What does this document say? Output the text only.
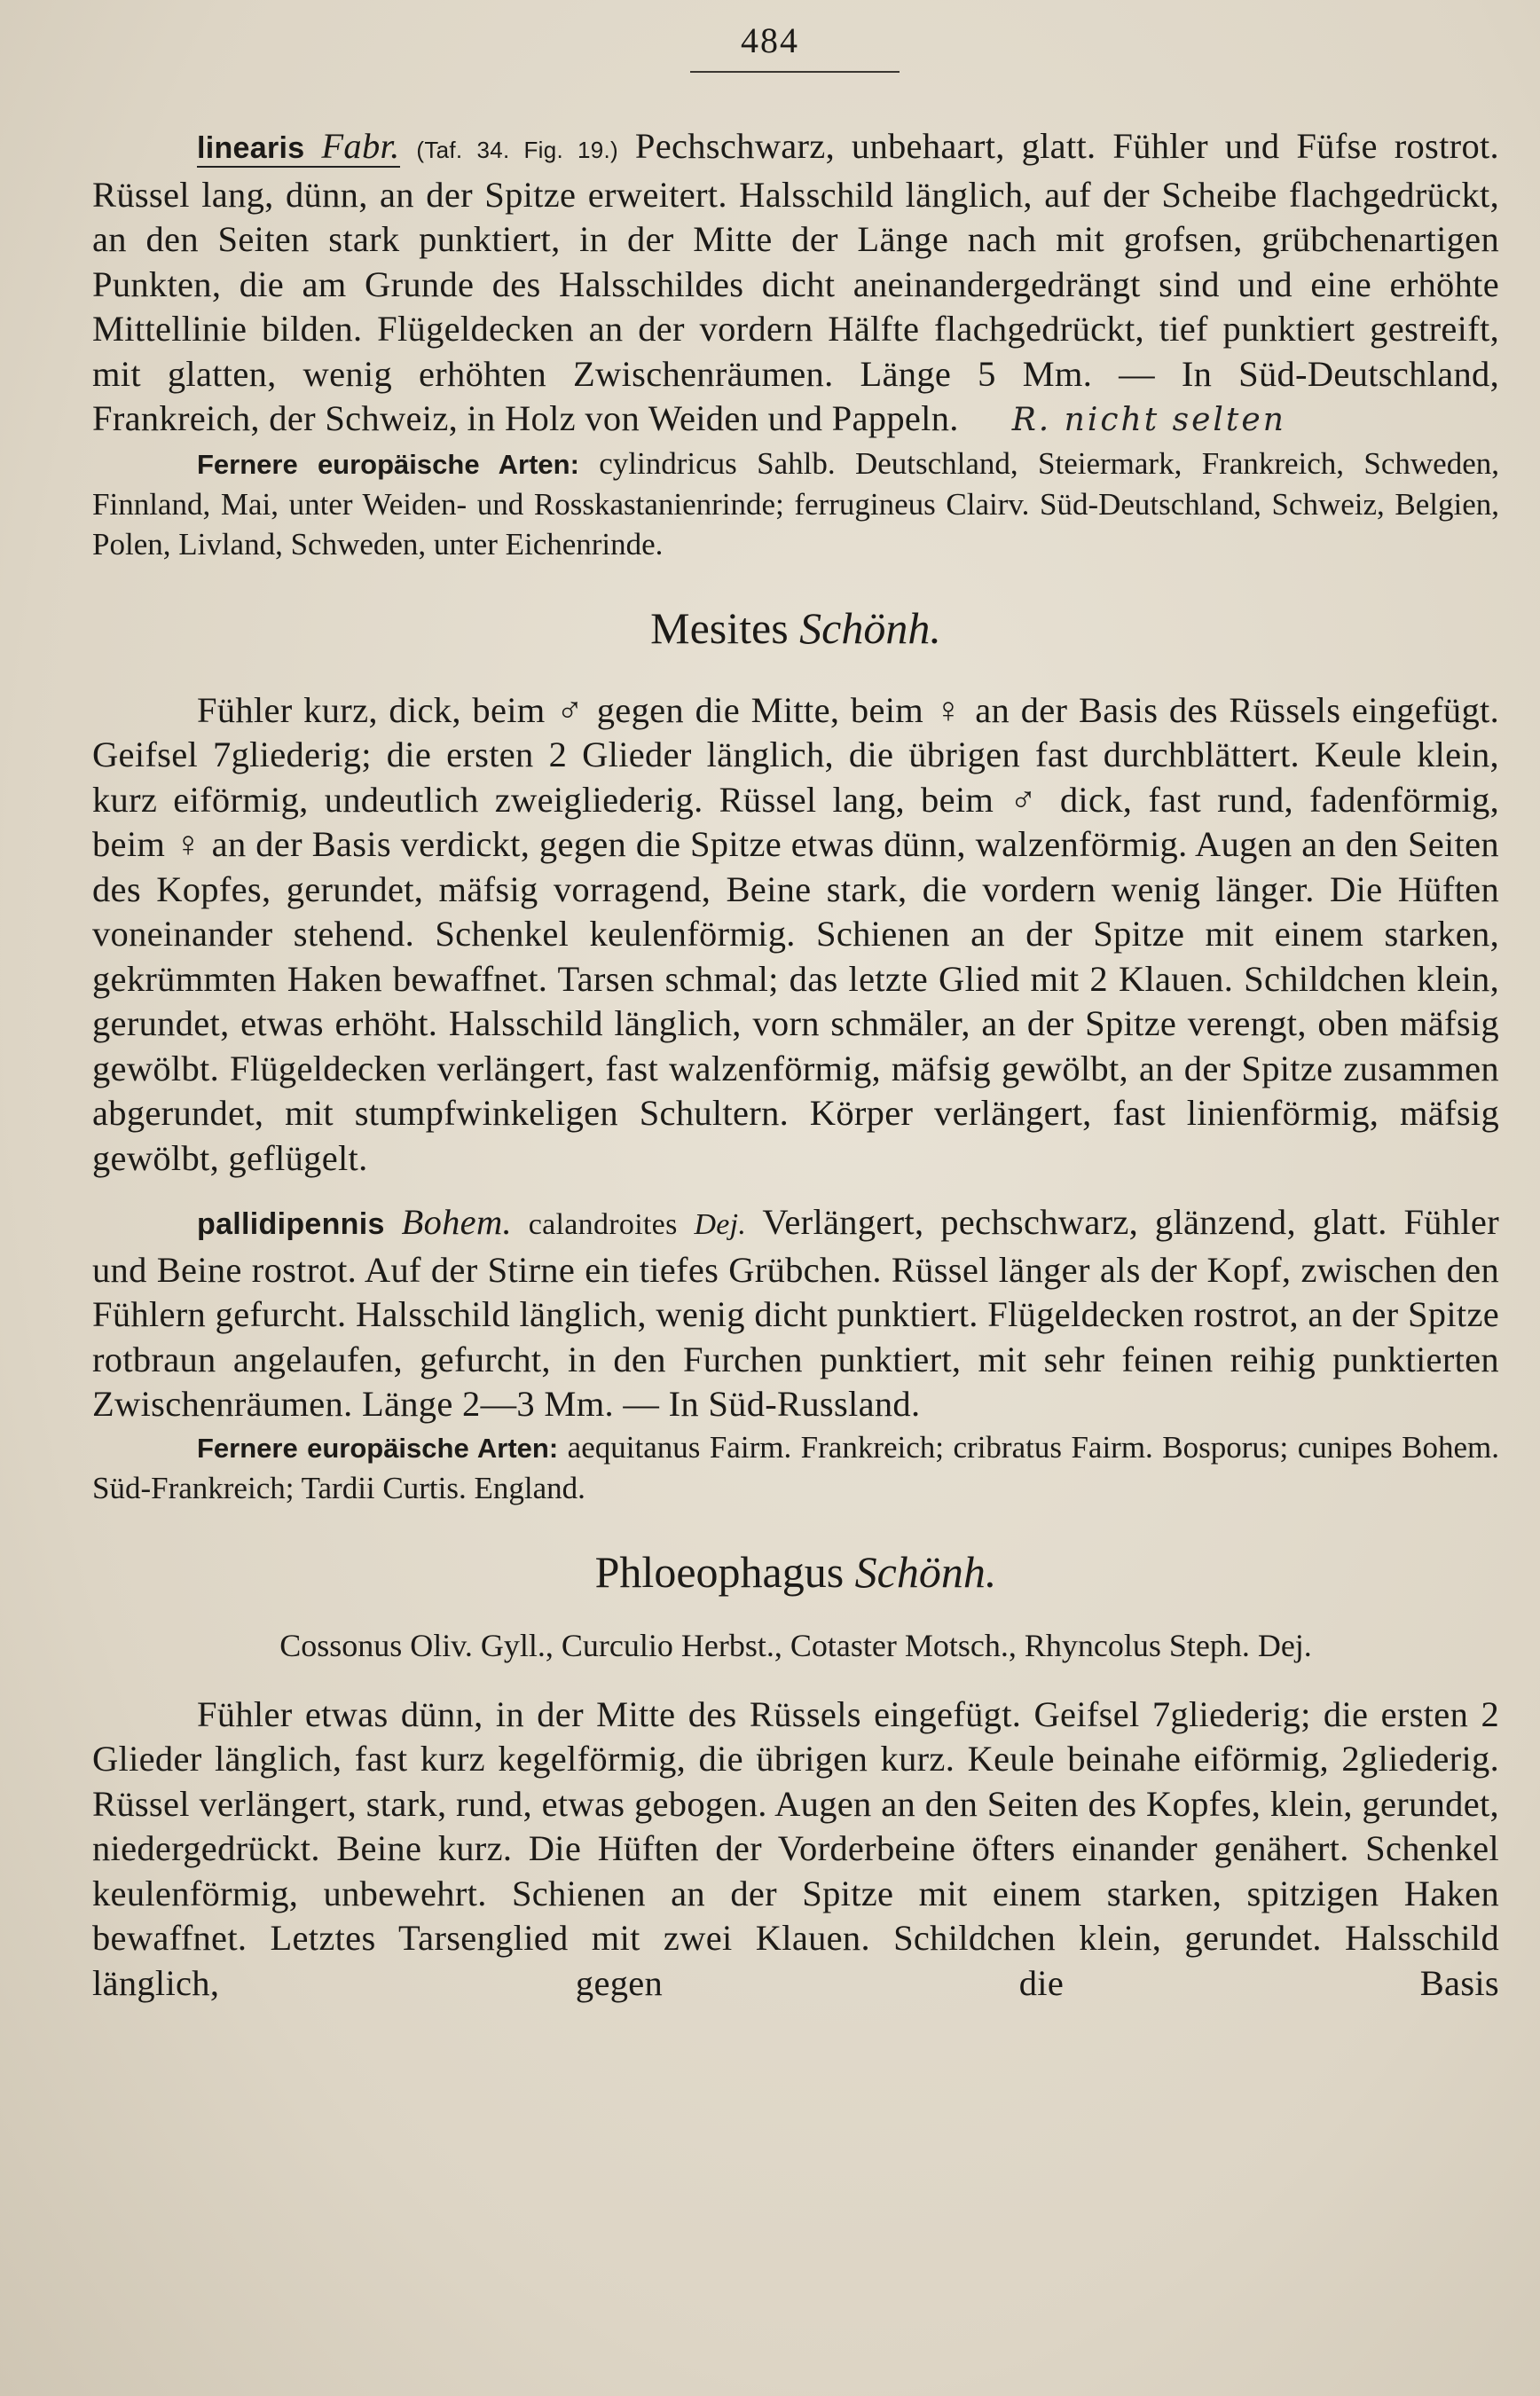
484

linearis Fabr. (Taf. 34. Fig. 19.) Pechschwarz, unbehaart, glatt. Fühler und Füfse rostrot. Rüssel lang, dünn, an der Spitze erweitert. Halsschild länglich, auf der Scheibe flachgedrückt, an den Seiten stark punktiert, in der Mitte der Länge nach mit grofsen, grübchenartigen Punkten, die am Grunde des Halsschildes dicht aneinandergedrängt sind und eine erhöhte Mittellinie bilden. Flügeldecken an der vordern Hälfte flachgedrückt, tief punktiert gestreift, mit glatten, wenig erhöhten Zwischenräumen. Länge 5 Mm. — In Süd-Deutschland, Frankreich, der Schweiz, in Holz von Weiden und Pappeln. R. nicht selten

Fernere europäische Arten: cylindricus Sahlb. Deutschland, Steiermark, Frankreich, Schweden, Finnland, Mai, unter Weiden- und Rosskastanienrinde; ferrugineus Clairv. Süd-Deutschland, Schweiz, Belgien, Polen, Livland, Schweden, unter Eichenrinde.

Mesites Schönh.

Fühler kurz, dick, beim ♂ gegen die Mitte, beim ♀ an der Basis des Rüssels eingefügt. Geifsel 7gliederig; die ersten 2 Glieder länglich, die übrigen fast durchblättert. Keule klein, kurz eiförmig, undeutlich zweigliederig. Rüssel lang, beim ♂ dick, fast rund, fadenförmig, beim ♀ an der Basis verdickt, gegen die Spitze etwas dünn, walzenförmig. Augen an den Seiten des Kopfes, gerundet, mäfsig vorragend, Beine stark, die vordern wenig länger. Die Hüften voneinander stehend. Schenkel keulenförmig. Schienen an der Spitze mit einem starken, gekrümmten Haken bewaffnet. Tarsen schmal; das letzte Glied mit 2 Klauen. Schildchen klein, gerundet, etwas erhöht. Halsschild länglich, vorn schmäler, an der Spitze verengt, oben mäfsig gewölbt. Flügeldecken verlängert, fast walzenförmig, mäfsig gewölbt, an der Spitze zusammen abgerundet, mit stumpfwinkeligen Schultern. Körper verlängert, fast linienförmig, mäfsig gewölbt, geflügelt.

pallidipennis Bohem. calandroites Dej. Verlängert, pechschwarz, glänzend, glatt. Fühler und Beine rostrot. Auf der Stirne ein tiefes Grübchen. Rüssel länger als der Kopf, zwischen den Fühlern gefurcht. Halsschild länglich, wenig dicht punktiert. Flügeldecken rostrot, an der Spitze rotbraun angelaufen, gefurcht, in den Furchen punktiert, mit sehr feinen reihig punktierten Zwischenräumen. Länge 2—3 Mm. — In Süd-Russland.

Fernere europäische Arten: aequitanus Fairm. Frankreich; cribratus Fairm. Bosporus; cunipes Bohem. Süd-Frankreich; Tardii Curtis. England.

Phloeophagus Schönh.

Cossonus Oliv. Gyll., Curculio Herbst., Cotaster Motsch., Rhyncolus Steph. Dej.

Fühler etwas dünn, in der Mitte des Rüssels eingefügt. Geifsel 7gliederig; die ersten 2 Glieder länglich, fast kurz kegelförmig, die übrigen kurz. Keule beinahe eiförmig, 2gliederig. Rüssel verlängert, stark, rund, etwas gebogen. Augen an den Seiten des Kopfes, klein, gerundet, niedergedrückt. Beine kurz. Die Hüften der Vorderbeine öfters einander genähert. Schenkel keulenförmig, unbewehrt. Schienen an der Spitze mit einem starken, spitzigen Haken bewaffnet. Letztes Tarsenglied mit zwei Klauen. Schildchen klein, gerundet. Halsschild länglich, gegen die Basis
